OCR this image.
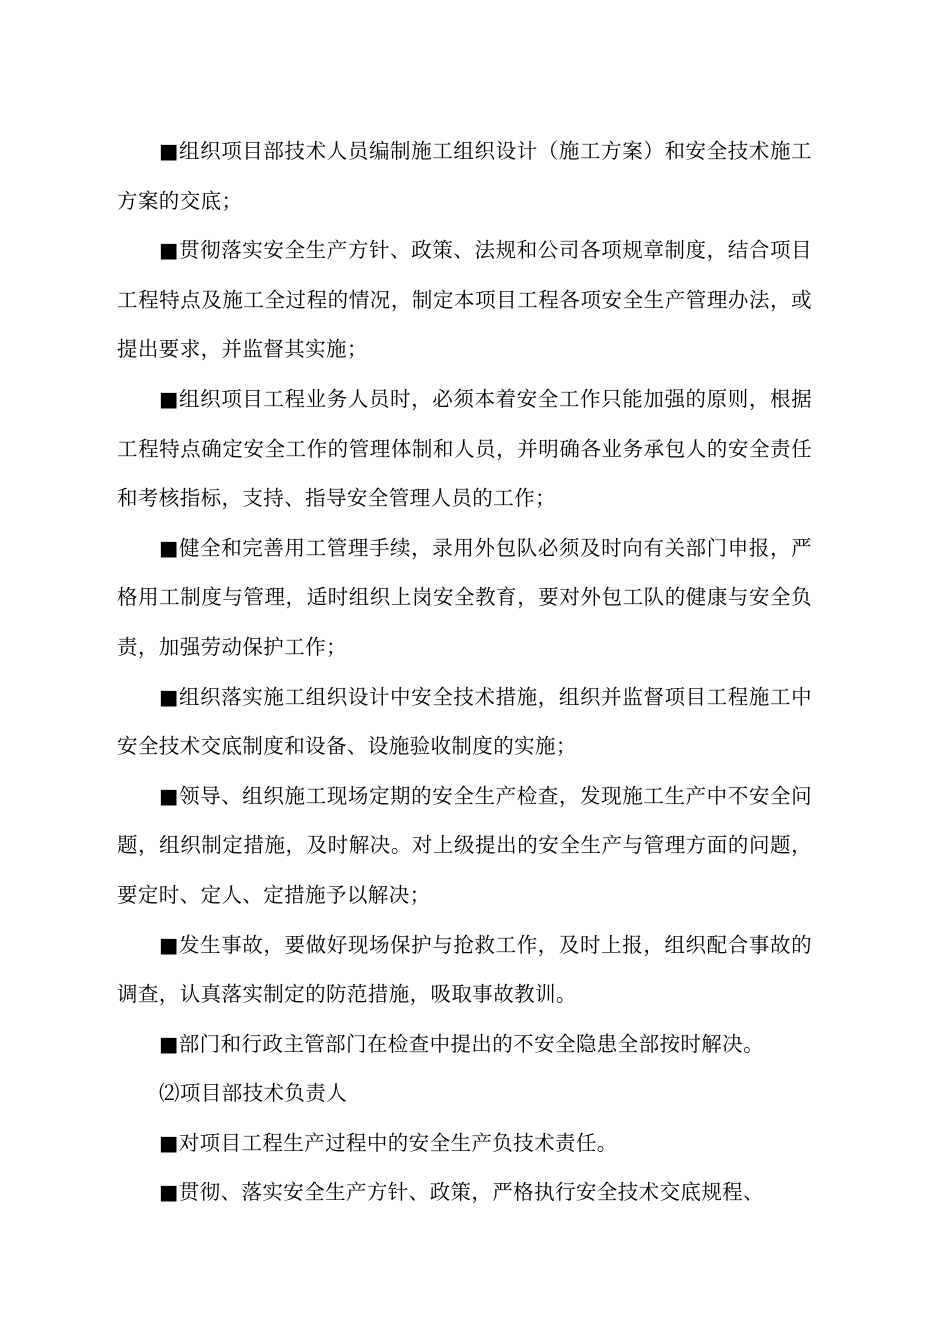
■组织项目部技术人员编制施工组织设计（施工方案）和安全技术施工方案的交底；

■贯彻落实安全生产方针、政策、法规和公司各项规章制度，结合项目工程特点及施工全过程的情况，制定本项目工程各项安全生产管理办法，或提出要求，并监督其实施；

■组织项目工程业务人员时，必须本着安全工作只能加强的原则，根据工程特点确定安全工作的管理体制和人员，并明确各业务承包人的安全责任和考核指标，支持、指导安全管理人员的工作；

■健全和完善用工管理手续，录用外包队必须及时向有关部门申报，严格用工制度与管理，适时组织上岗安全教育，要对外包工队的健康与安全负责，加强劳动保护工作；

■组织落实施工组织设计中安全技术措施，组织并监督项目工程施工中安全技术交底制度和设备、设施验收制度的实施；

■领导、组织施工现场定期的安全生产检查，发现施工生产中不安全问题，组织制定措施，及时解决。对上级提出的安全生产与管理方面的问题，要定时、定人、定措施予以解决；

■发生事故，要做好现场保护与抢救工作，及时上报，组织配合事故的调查，认真落实制定的防范措施，吸取事故教训。

■部门和行政主管部门在检查中提出的不安全隐患全部按时解决。

⑵项目部技术负责人

■对项目工程生产过程中的安全生产负技术责任。

■贯彻、落实安全生产方针、政策，严格执行安全技术交底规程、
